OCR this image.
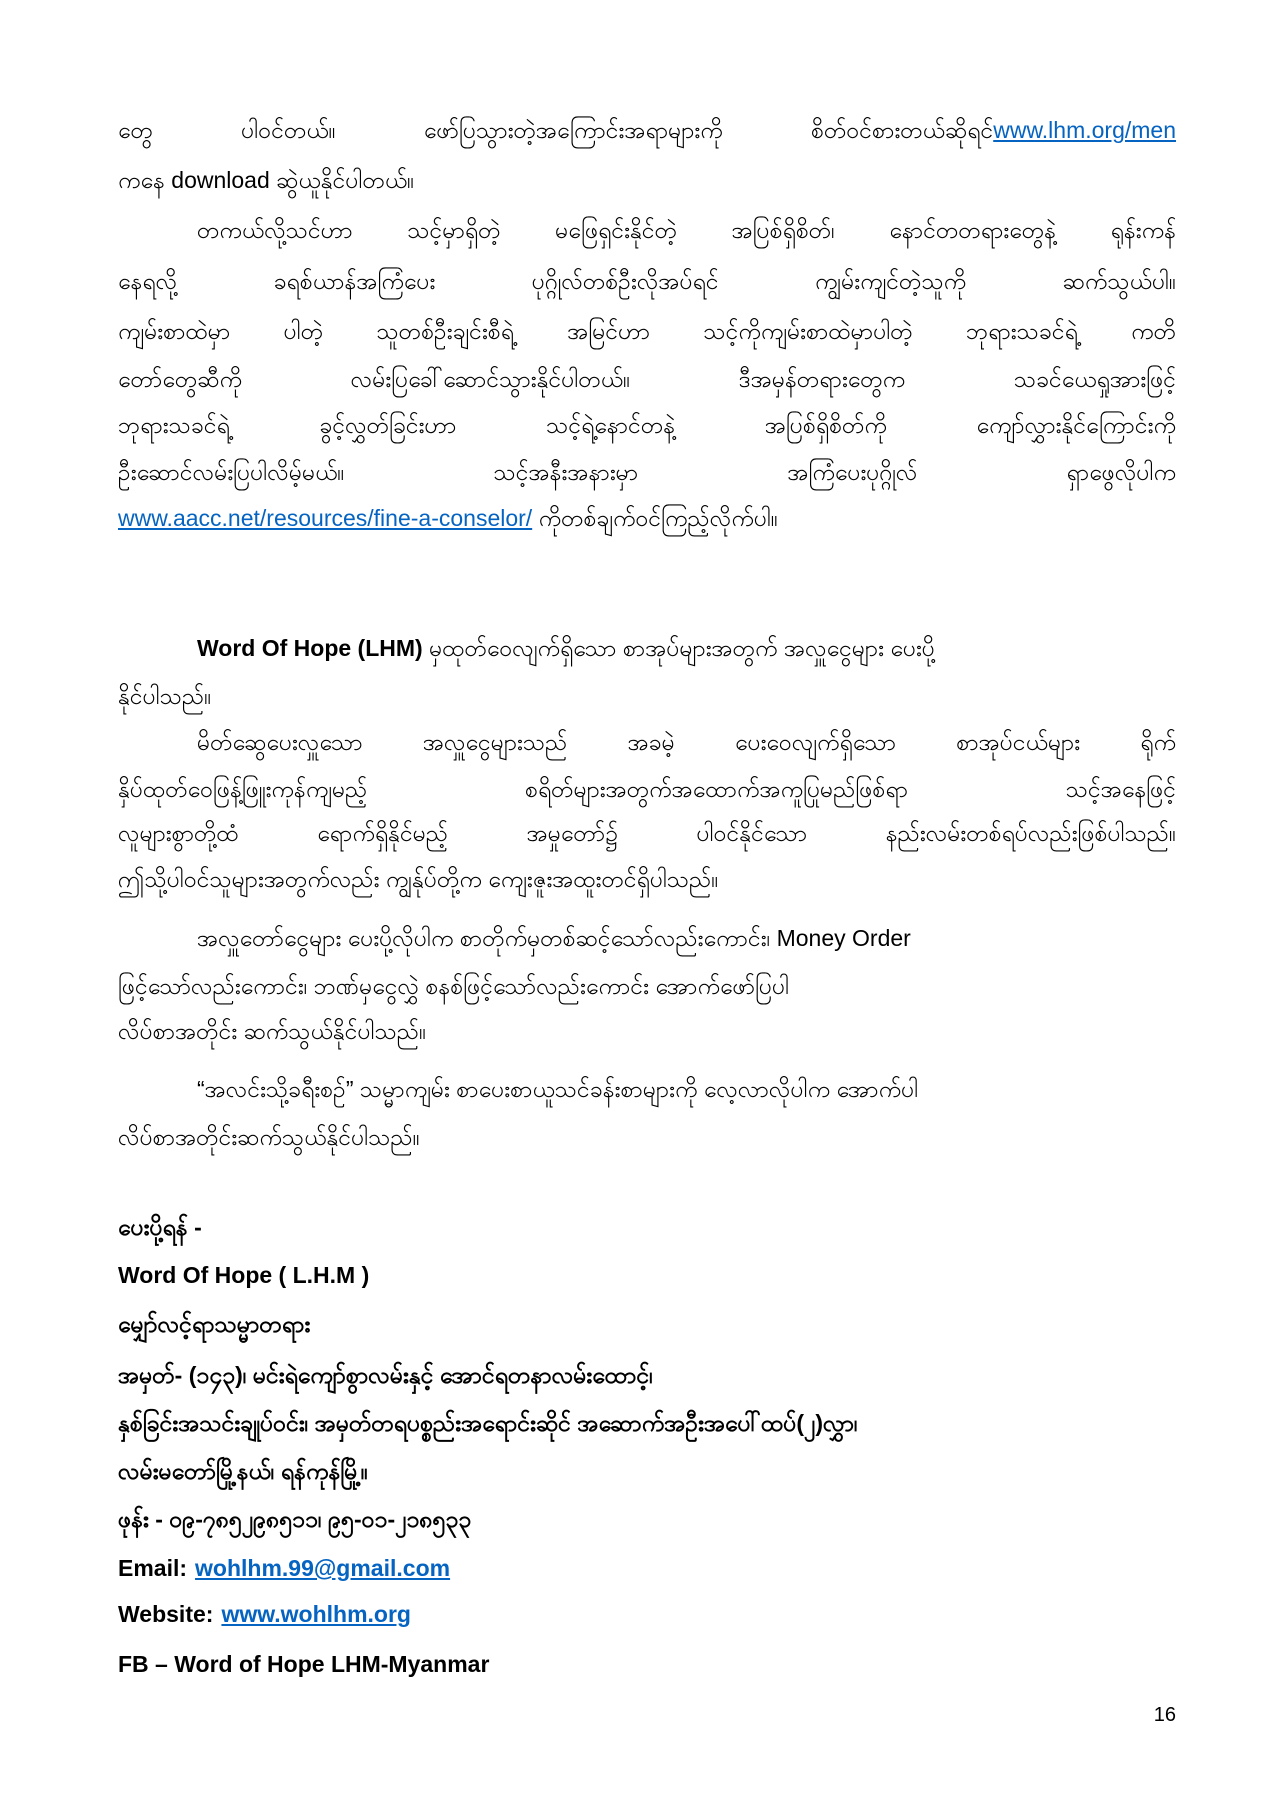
တွေ ပါဝင်တယ်။ ဖော်ပြသွားတဲ့အကြောင်းအရာများကို စိတ်ဝင်စားတယ်ဆိုရင်www.lhm.org/men
ကနေ download ဆွဲယူနိုင်ပါတယ်။
တကယ်လို့သင်ဟာ သင့်မှာရှိတဲ့ မဖြေရှင်းနိုင်တဲ့ အပြစ်ရှိစိတ်၊ နောင်တတရားတွေနဲ့ ရုန်းကန်
နေရလို့ ခရစ်ယာန်အကြံပေး ပုဂ္ဂိုလ်တစ်ဦးလိုအပ်ရင် ကျွမ်းကျင်တဲ့သူကို ဆက်သွယ်ပါ။
ကျမ်းစာထဲမှာ ပါတဲ့ သူတစ်ဦးချင်းစီရဲ့ အမြင်ဟာ သင့်ကိုကျမ်းစာထဲမှာပါတဲ့ ဘုရားသခင်ရဲ့ ကတိ
တော်တွေဆီကို လမ်းပြခေါ်ဆောင်သွားနိုင်ပါတယ်။ ဒီအမှန်တရားတွေက သခင်ယေရှုအားဖြင့်
ဘုရားသခင်ရဲ့ ခွင့်လွှတ်ခြင်းဟာ သင့်ရဲ့နောင်တနဲ့ အပြစ်ရှိစိတ်ကို ကျော်လွှားနိုင်ကြောင်းကို
ဦးဆောင်လမ်းပြပါလိမ့်မယ်။ သင့်အနီးအနားမှာ အကြံပေးပုဂ္ဂိုလ် ရှာဖွေလိုပါက
www.aacc.net/resources/fine-a-conselor/ ကိုတစ်ချက်ဝင်ကြည့်လိုက်ပါ။
Word Of Hope (LHM) မှထုတ်ဝေလျက်ရှိသော စာအုပ်များအတွက် အလှူငွေများ ပေးပို့
နိုင်ပါသည်။
မိတ်ဆွေပေးလှူသော အလှူငွေများသည် အခမဲ့ ပေးဝေလျက်ရှိသော စာအုပ်ငယ်များ ရိုက်
နှိပ်ထုတ်ဝေဖြန့်ဖြူးကုန်ကျမည့် စရိတ်များအတွက်အထောက်အကူပြုမည်ဖြစ်ရာ သင့်အနေဖြင့်
လူများစွာတို့ထံ ရောက်ရှိနိုင်မည့် အမှုတော်၌ ပါဝင်နိုင်သော နည်းလမ်းတစ်ရပ်လည်းဖြစ်ပါသည်။
ဤသို့ပါဝင်သူများအတွက်လည်း ကျွန်ုပ်တို့က ကျေးဇူးအထူးတင်ရှိပါသည်။
အလှူတော်ငွေများ ပေးပို့လိုပါက စာတိုက်မှတစ်ဆင့်သော်လည်းကောင်း၊ Money Order
ဖြင့်သော်လည်းကောင်း၊ ဘဏ်မှငွေလွှဲ စနစ်ဖြင့်သော်လည်းကောင်း အောက်ဖော်ပြပါ
လိပ်စာအတိုင်း ဆက်သွယ်နိုင်ပါသည်။
“အလင်းသို့ခရီးစဉ်” သမ္မာကျမ်း စာပေးစာယူသင်ခန်းစာများကို လေ့လာလိုပါက အောက်ပါ
လိပ်စာအတိုင်းဆက်သွယ်နိုင်ပါသည်။
ပေးပို့ရန် -
Word Of Hope ( L.H.M )
မျှော်လင့်ရာသမ္မာတရား
အမှတ်- (၁၄၃)၊ မင်းရဲကျော်စွာလမ်းနှင့် အောင်ရတနာလမ်းထောင့်၊
နှစ်ခြင်းအသင်းချုပ်ဝင်း၊ အမှတ်တရပစ္စည်းအရောင်းဆိုင် အဆောက်အဦးအပေါ်ထပ်(၂)လွှာ၊
လမ်းမတော်မြို့နယ်၊ ရန်ကုန်မြို့။
ဖုန်း - ၀၉-၇၈၅၂၉၈၅၁၁၊ ၉၅-၀၁-၂၁၈၅၃၃
Email: wohlhm.99@gmail.com
Website: www.wohlhm.org
FB – Word of Hope LHM-Myanmar
16
